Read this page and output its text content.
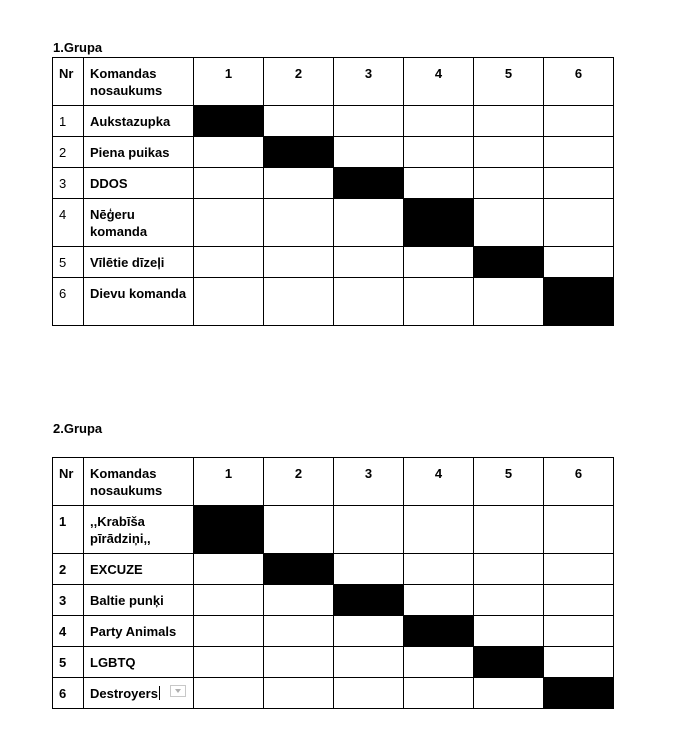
1.Grupa
Nr	Komandas nosaukums	1	2	3	4	5	6
1	Aukstazupka						
2	Piena puikas						
3	DDOS						
4	Nēģeru komanda						
5	Vīlētie dīzeļi						
6	Dievu komanda						
2.Grupa
Nr	Komandas nosaukums	1	2	3	4	5	6
1	,,Krabīša pīrādziņi,,						
2	EXCUZE						
3	Baltie punķi						
4	Party Animals						
5	LGBTQ						
6	Destroyers						
